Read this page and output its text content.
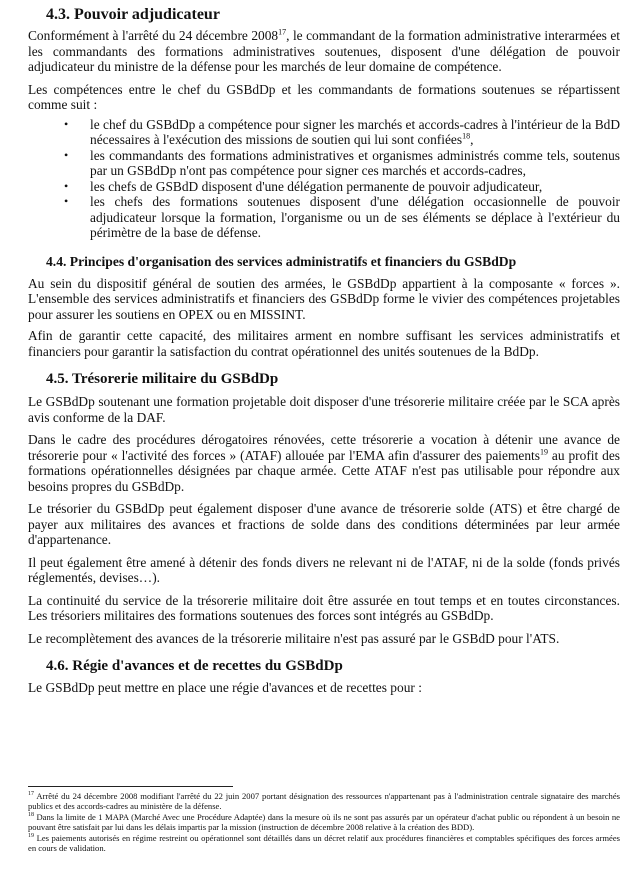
4.3. Pouvoir adjudicateur

Conformément à l'arrêté du 24 décembre 2008$^{17}$, le commandant de la formation administrative interarmées et les commandants des formations administratives soutenues, disposent d'une délégation de pouvoir adjudicateur du ministre de la défense pour les marchés de leur domaine de compétence.

Les compétences entre le chef du GSBdDp et les commandants de formations soutenues se répartissent comme suit :

• le chef du GSBdDp a compétence pour signer les marchés et accords-cadres à l'intérieur de la BdD nécessaires à l'exécution des missions de soutien qui lui sont confiées$^{18}$,
• les commandants des formations administratives et organismes administrés comme tels, soutenus par un GSBdDp n'ont pas compétence pour signer ces marchés et accords-cadres,
• les chefs de GSBdD disposent d'une délégation permanente de pouvoir adjudicateur,
• les chefs des formations soutenues disposent d'une délégation occasionnelle de pouvoir adjudicateur lorsque la formation, l'organisme ou un de ses éléments se déplace à l'extérieur du périmètre de la base de défense.
4.4. Principes d'organisation des services administratifs et financiers du GSBdDp

Au sein du dispositif général de soutien des armées, le GSBdDp appartient à la composante « forces ». L'ensemble des services administratifs et financiers des GSBdDp forme le vivier des compétences projetables pour assurer les soutiens en OPEX ou en MISSINT.

Afin de garantir cette capacité, des militaires arment en nombre suffisant les services administratifs et financiers pour garantir la satisfaction du contrat opérationnel des unités soutenues de la BdDp.

4.5. Trésorerie militaire du GSBdDp

Le GSBdDp soutenant une formation projetable doit disposer d'une trésorerie militaire créée par le SCA après avis conforme de la DAF.

Dans le cadre des procédures dérogatoires rénovées, cette trésorerie a vocation à détenir une avance de trésorerie pour « l'activité des forces » (ATAF) allouée par l'EMA afin d'assurer des paiements$^{19}$ au profit des formations opérationnelles désignées par chaque armée. Cette ATAF n'est pas utilisable pour répondre aux besoins propres du GSBdDp.

Le trésorier du GSBdDp peut également disposer d'une avance de trésorerie solde (ATS) et être chargé de payer aux militaires des avances et fractions de solde dans des conditions déterminées par leur armée d'appartenance.

Il peut également être amené à détenir des fonds divers ne relevant ni de l'ATAF, ni de la solde (fonds privés réglementés, devises…).

La continuité du service de la trésorerie militaire doit être assurée en tout temps et en toutes circonstances. Les trésoriers militaires des formations soutenues des forces sont intégrés au GSBdDp.

Le recomplètement des avances de la trésorerie militaire n'est pas assuré par le GSBdD pour l'ATS.

4.6. Régie d'avances et de recettes du GSBdDp

Le GSBdDp peut mettre en place une régie d'avances et de recettes pour :

$^{17}$ Arrêté du 24 décembre 2008 modifiant l'arrêté du 22 juin 2007 portant désignation des ressources n'appartenant pas à l'administration centrale signataire des marchés publics et des accords-cadres au ministère de la défense.

$^{18}$ Dans la limite de 1 MAPA (Marché Avec une Procédure Adaptée) dans la mesure où ils ne sont pas assurés par un opérateur d'achat public ou répondent à un besoin ne pouvant être satisfait par lui dans les délais impartis par la mission (instruction de décembre 2008 relative à la création des BDD).

$^{19}$ Les paiements autorisés en régime restreint ou opérationnel sont détaillés dans un décret relatif aux procédures financières et comptables spécifiques des forces armées en cours de validation.
